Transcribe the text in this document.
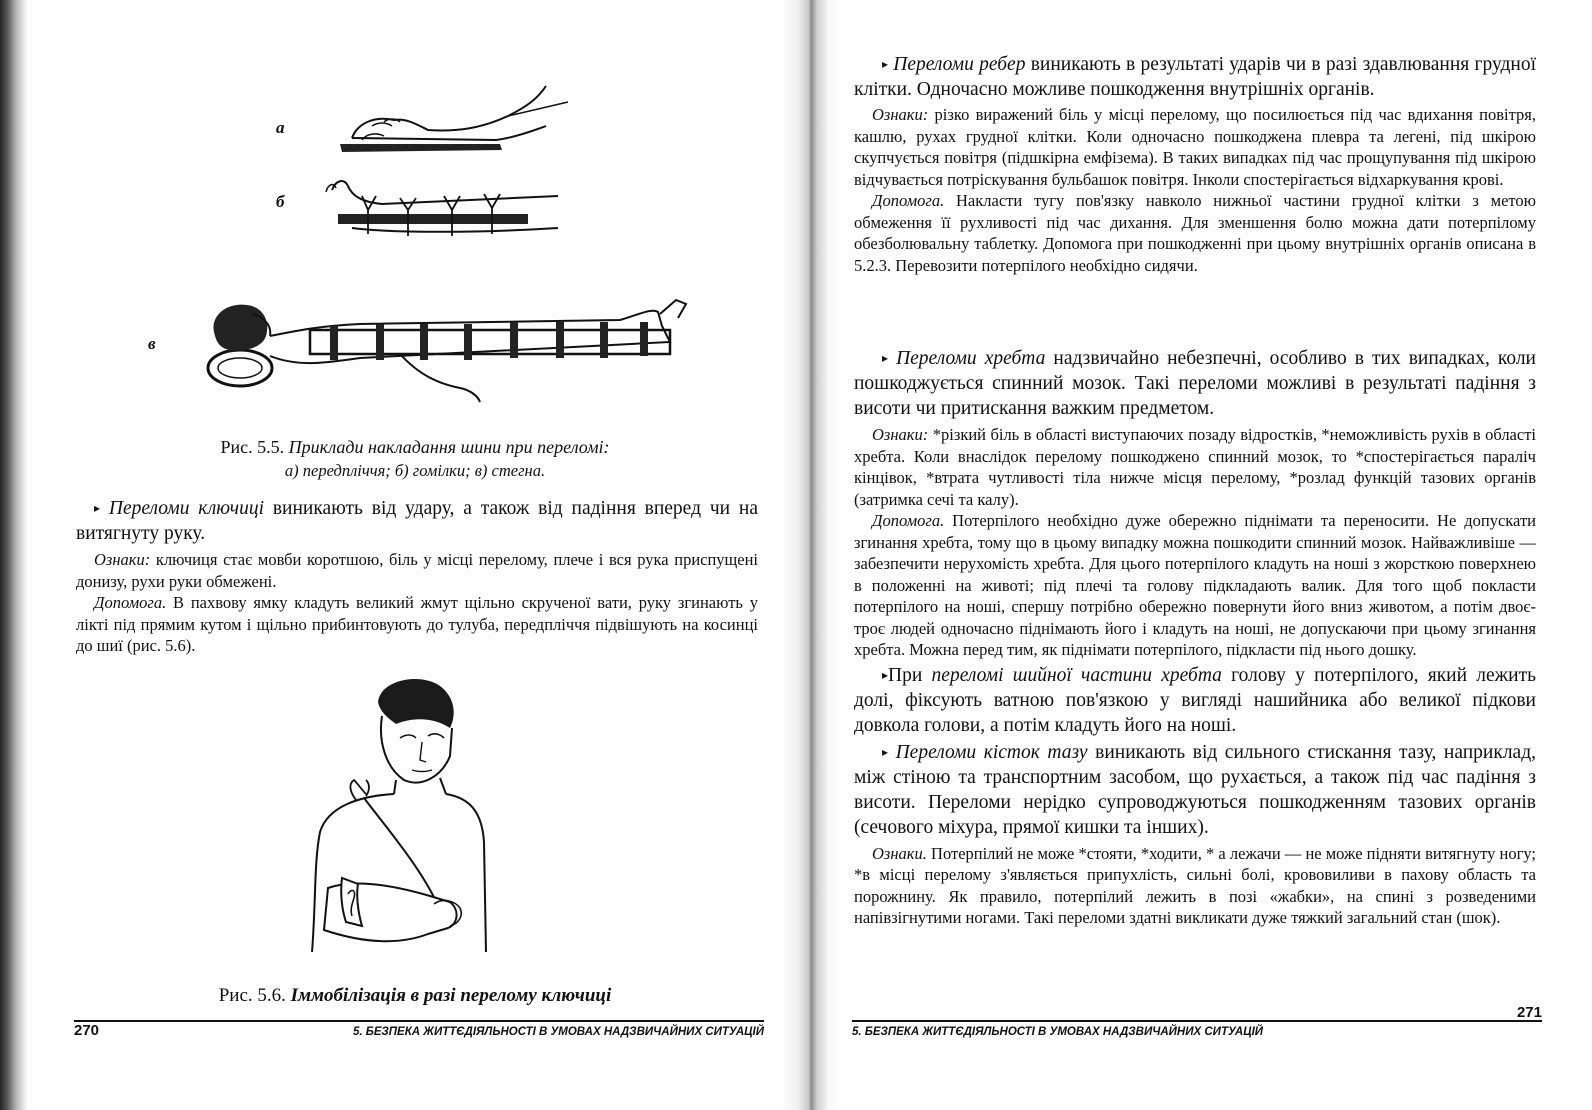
а
б
в
Рис. 5.5. Приклади накладання шини при переломі:
а) передпліччя; б) гомілки; в) стегна.

▸ Переломи ключиці виникають від удару, а також від падіння вперед чи на витягнуту руку.

Ознаки: ключиця стає мовби коротшою, біль у місці перелому, плече і вся рука приспущені донизу, рухи руки обмежені.

Допомога. В пахвову ямку кладуть великий жмут щільно скрученої вати, руку згинають у лікті під прямим кутом і щільно прибинтовують до тулуба, передпліччя підвішують на косинці до шиї (рис. 5.6).

Рис. 5.6. Іммобілізація в разі перелому ключиці
270	5. БЕЗПЕКА ЖИТТЄДІЯЛЬНОСТІ В УМОВАХ НАДЗВИЧАЙНИХ СИТУАЦІЙ

▸ Переломи ребер виникають в результаті ударів чи в разі здавлювання грудної клітки. Одночасно можливе пошкодження внутрішніх органів.

Ознаки: різко виражений біль у місці перелому, що посилюється під час вдихання повітря, кашлю, рухах грудної клітки. Коли одночасно пошкоджена плевра та легені, під шкірою скупчується повітря (підшкірна емфізема). В таких випадках під час прощупування під шкірою відчувається потріскування бульбашок повітря. Інколи спостерігається відхаркування крові.

Допомога. Накласти тугу пов'язку навколо нижньої частини грудної клітки з метою обмеження її рухливості під час дихання. Для зменшення болю можна дати потерпілому обезболювальну таблетку. Допомога при пошкодженні при цьому внутрішніх органів описана в 5.2.3. Перевозити потерпілого необхідно сидячи.

▸ Переломи хребта надзвичайно небезпечні, особливо в тих випадках, коли пошкоджується спинний мозок. Такі переломи можливі в результаті падіння з висоти чи притискання важким предметом.

Ознаки: *різкий біль в області виступаючих позаду відростків, *неможливість рухів в області хребта. Коли внаслідок перелому пошкоджено спинний мозок, то *спостерігається параліч кінцівок, *втрата чутливості тіла нижче місця перелому, *розлад функцій тазових органів (затримка сечі та калу).

Допомога. Потерпілого необхідно дуже обережно піднімати та переносити. Не допускати згинання хребта, тому що в цьому випадку можна пошкодити спинний мозок. Найважливіше — забезпечити нерухомість хребта. Для цього потерпілого кладуть на ноші з жорсткою поверхнею в положенні на животі; під плечі та голову підкладають валик. Для того щоб покласти потерпілого на ноші, спершу потрібно обережно повернути його вниз животом, а потім двоє-троє людей одночасно піднімають його і кладуть на ноші, не допускаючи при цьому згинання хребта. Можна перед тим, як піднімати потерпілого, підкласти під нього дошку.

▸При переломі шийної частини хребта голову у потерпілого, який лежить долі, фіксують ватною пов'язкою у вигляді нашийника або великої підкови довкола голови, а потім кладуть його на ноші.

▸ Переломи кісток тазу виникають від сильного стискання тазу, наприклад, між стіною та транспортним засобом, що рухається, а також під час падіння з висоти. Переломи нерідко супроводжуються пошкодженням тазових органів (сечового міхура, прямої кишки та інших).

Ознаки. Потерпілий не може *стояти, *ходити, * а лежачи — не може підняти витягнуту ногу; *в місці перелому з'являється припухлість, сильні болі, крововиливи в пахову область та порожнину. Як правило, потерпілий лежить в позі «жабки», на спині з розведеними напівзігнутими ногами. Такі переломи здатні викликати дуже тяжкий загальний стан (шок).

5. БЕЗПЕКА ЖИТТЄДІЯЛЬНОСТІ В УМОВАХ НАДЗВИЧАЙНИХ СИТУАЦІЙ
271
